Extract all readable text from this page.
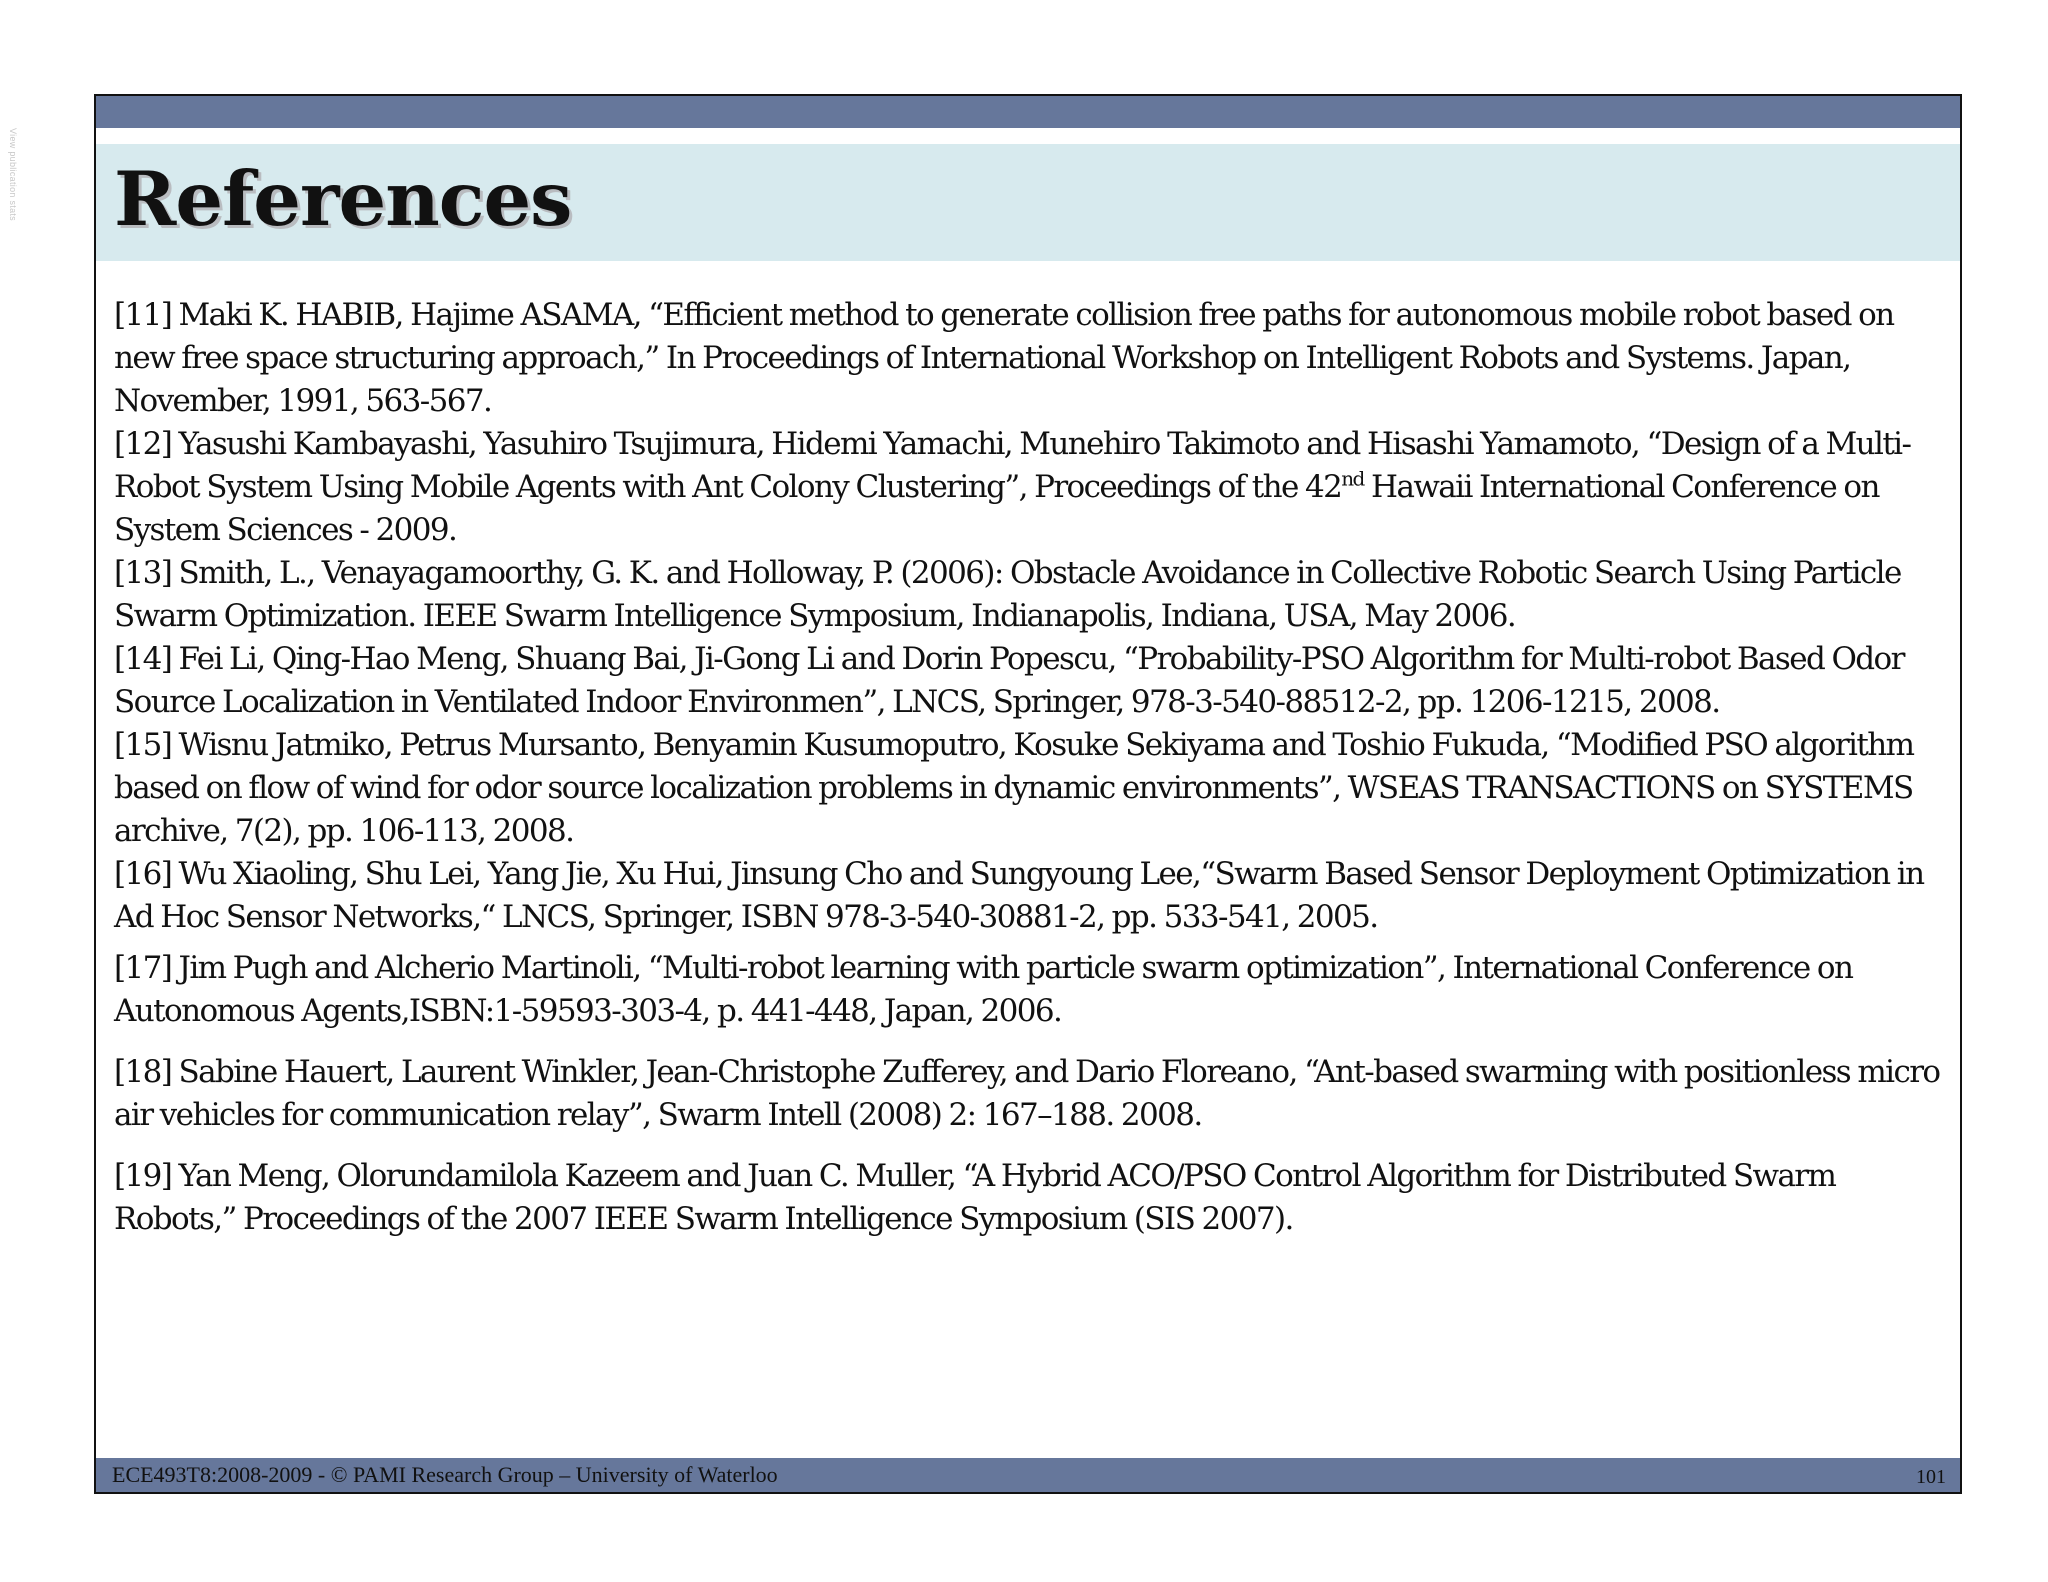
View publication stats References
[11] Maki K. HABIB, Hajime ASAMA, “Efficient method to generate collision free paths for autonomous mobile robot based on new free space structuring approach,” In Proceedings of International Workshop on Intelligent Robots and Systems. Japan, November, 1991, 563-567.
[12] Yasushi Kambayashi, Yasuhiro Tsujimura, Hidemi Yamachi, Munehiro Takimoto and Hisashi Yamamoto, “Design of a Multi-Robot System Using Mobile Agents with Ant Colony Clustering”, Proceedings of the 42nd Hawaii International Conference on System Sciences - 2009.
[13] Smith, L., Venayagamoorthy, G. K. and Holloway, P. (2006): Obstacle Avoidance in Collective Robotic Search Using Particle Swarm Optimization. IEEE Swarm Intelligence Symposium, Indianapolis, Indiana, USA, May 2006.
[14] Fei Li, Qing-Hao Meng, Shuang Bai, Ji-Gong Li and Dorin Popescu, “Probability-PSO Algorithm for Multi-robot Based Odor Source Localization in Ventilated Indoor Environmen”, LNCS, Springer, 978-3-540-88512-2, pp. 1206-1215, 2008.
[15] Wisnu Jatmiko, Petrus Mursanto, Benyamin Kusumoputro, Kosuke Sekiyama and Toshio Fukuda, “Modified PSO algorithm based on flow of wind for odor source localization problems in dynamic environments”, WSEAS TRANSACTIONS on SYSTEMS archive, 7(2), pp. 106-113, 2008.
[16] Wu Xiaoling, Shu Lei, Yang Jie, Xu Hui, Jinsung Cho and Sungyoung Lee,“Swarm Based Sensor Deployment Optimization in Ad Hoc Sensor Networks,“ LNCS, Springer, ISBN 978-3-540-30881-2, pp. 533-541, 2005.
[17] Jim Pugh and Alcherio Martinoli, “Multi-robot learning with particle swarm optimization”, International Conference on Autonomous Agents,ISBN:1-59593-303-4, p. 441-448, Japan, 2006.
[18] Sabine Hauert, Laurent Winkler, Jean-Christophe Zufferey, and Dario Floreano, “Ant-based swarming with positionless micro air vehicles for communication relay”, Swarm Intell (2008) 2: 167–188. 2008.
[19] Yan Meng, Olorundamilola Kazeem and Juan C. Muller, “A Hybrid ACO/PSO Control Algorithm for Distributed Swarm Robots,” Proceedings of the 2007 IEEE Swarm Intelligence Symposium (SIS 2007).
ECE493T8:2008-2009 - © PAMI Research Group – University of Waterloo	101
